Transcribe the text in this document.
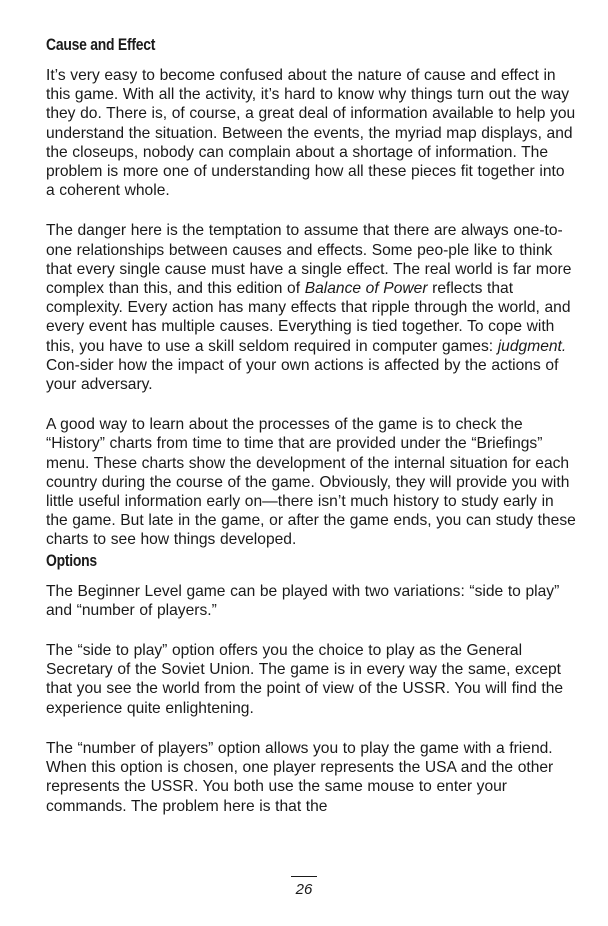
Cause and Effect

It’s very easy to become confused about the nature of cause and effect in this game. With all the activity, it’s hard to know why things turn out the way they do. There is, of course, a great deal of information available to help you understand the situation. Between the events, the myriad map displays, and the closeups, nobody can complain about a shortage of information. The problem is more one of understanding how all these pieces fit together into a coherent whole.

The danger here is the temptation to assume that there are always one-to-one relationships between causes and effects. Some peo-ple like to think that every single cause must have a single effect. The real world is far more complex than this, and this edition of Balance of Power reflects that complexity. Every action has many effects that ripple through the world, and every event has multiple causes. Everything is tied together. To cope with this, you have to use a skill seldom required in computer games: judgment. Con-sider how the impact of your own actions is affected by the actions of your adversary.

A good way to learn about the processes of the game is to check the “History” charts from time to time that are provided under the “Briefings” menu. These charts show the development of the internal situation for each country during the course of the game. Obviously, they will provide you with little useful information early on—there isn’t much history to study early in the game. But late in the game, or after the game ends, you can study these charts to see how things developed.

Options

The Beginner Level game can be played with two variations: “side to play” and “number of players.”

The “side to play” option offers you the choice to play as the General Secretary of the Soviet Union. The game is in every way the same, except that you see the world from the point of view of the USSR. You will find the experience quite enlightening.

The “number of players” option allows you to play the game with a friend. When this option is chosen, one player represents the USA and the other represents the USSR. You both use the same mouse to enter your commands. The problem here is that the

26
